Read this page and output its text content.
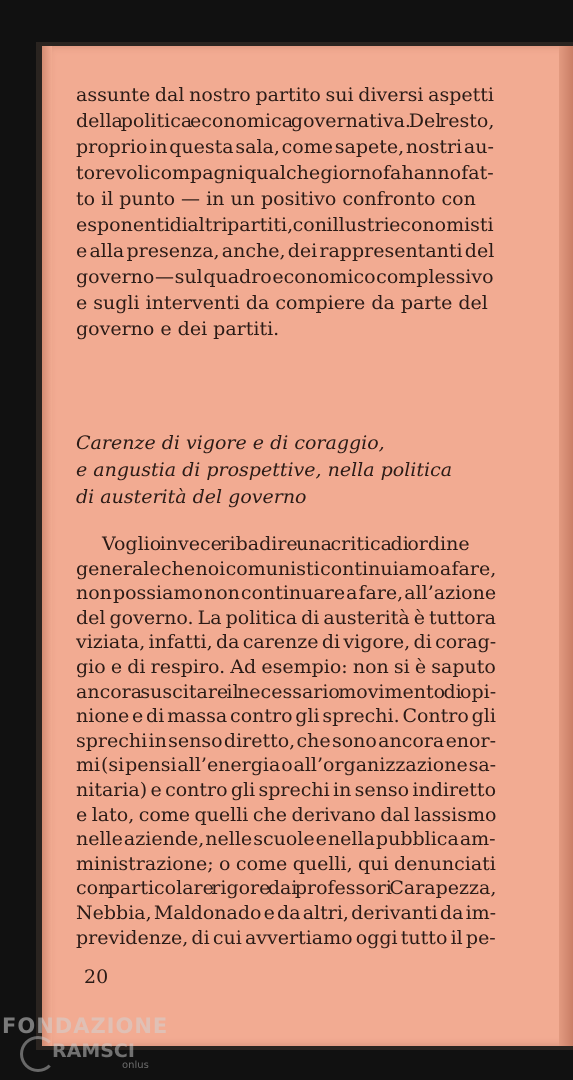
assunte dal nostro partito sui diversi aspetti
della politica economica governativa. Del resto,
proprio in questa sala, come sapete, nostri au-
torevoli compagni qualche giorno fa hanno fat-
to il punto — in un positivo confronto con
esponenti di altri partiti, con illustri economisti
e alla presenza, anche, dei rappresentanti del
governo — sul quadro economico complessivo
e sugli interventi da compiere da parte del
governo e dei partiti.
Carenze di vigore e di coraggio,
e angustia di prospettive, nella politica
di austerità del governo
Voglio invece ribadire una critica di ordine
generale che noi comunisti continuiamo a fare,
non possiamo non continuare a fare, all’azione
del governo. La politica di austerità è tuttora
viziata, infatti, da carenze di vigore, di corag-
gio e di respiro. Ad esempio: non si è saputo
ancora suscitare il necessario movimento di opi-
nione e di massa contro gli sprechi. Contro gli
sprechi in senso diretto, che sono ancora enor-
mi (si pensi all’energia o all’organizzazione sa-
nitaria) e contro gli sprechi in senso indiretto
e lato, come quelli che derivano dal lassismo
nelle aziende, nelle scuole e nella pubblica am-
ministrazione; o come quelli, qui denunciati
con particolare rigore dai professori Carapezza,
Nebbia, Maldonado e da altri, derivanti da im-
previdenze, di cui avvertiamo oggi tutto il pe-
20
FONDAZIONE
RAMSCI
onlus
